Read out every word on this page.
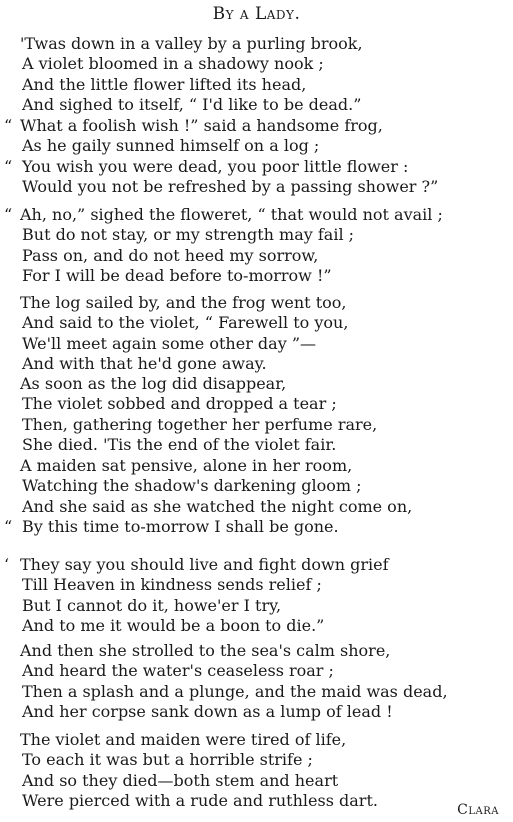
By a Lady.
'Twas down in a valley by a purling brook,
A violet bloomed in a shadowy nook ;
And the little flower lifted its head,
And sighed to itself, “ I'd like to be dead.”
“ What a foolish wish !” said a handsome frog,
As he gaily sunned himself on a log ;
“ You wish you were dead, you poor little flower :
Would you not be refreshed by a passing shower ?”
“ Ah, no,” sighed the floweret, “ that would not avail ;
But do not stay, or my strength may fail ;
Pass on, and do not heed my sorrow,
For I will be dead before to-morrow !”
The log sailed by, and the frog went too,
And said to the violet, “ Farewell to you,
We'll meet again some other day ”—
And with that he'd gone away.
As soon as the log did disappear,
The violet sobbed and dropped a tear ;
Then, gathering together her perfume rare,
She died. 'Tis the end of the violet fair.
A maiden sat pensive, alone in her room,
Watching the shadow's darkening gloom ;
And she said as she watched the night come on,
“ By this time to-morrow I shall be gone.
‘ They say you should live and fight down grief
Till Heaven in kindness sends relief ;
But I cannot do it, howe'er I try,
And to me it would be a boon to die.”
And then she strolled to the sea's calm shore,
And heard the water's ceaseless roar ;
Then a splash and a plunge, and the maid was dead,
And her corpse sank down as a lump of lead !
The violet and maiden were tired of life,
To each it was but a horrible strife ;
And so they died—both stem and heart
Were pierced with a rude and ruthless dart.	Clara
